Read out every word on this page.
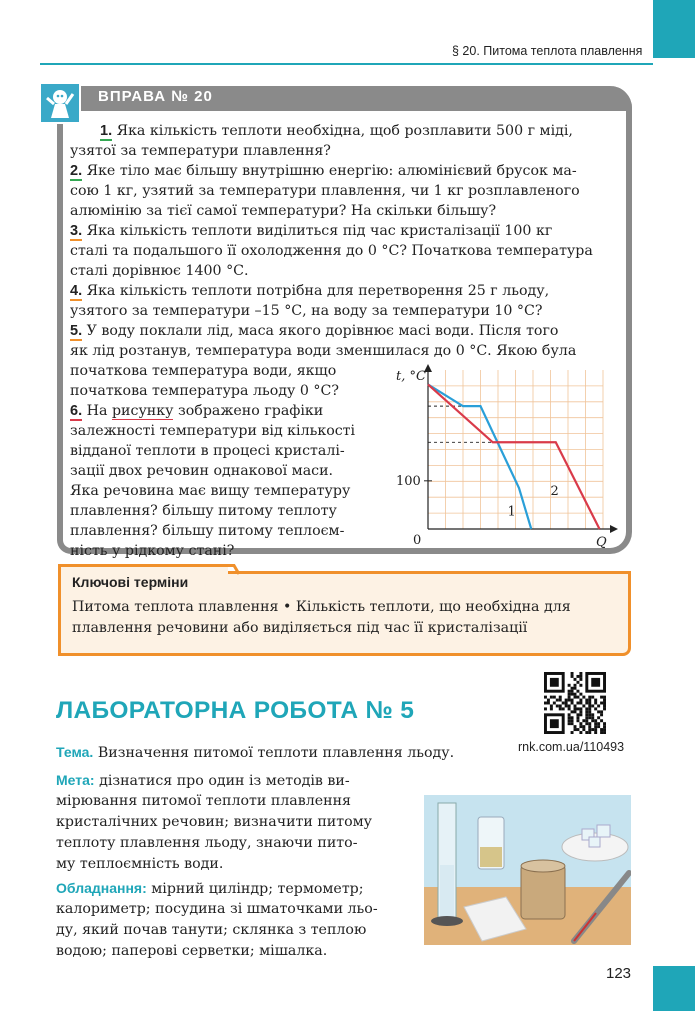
§ 20. Питома теплота плавлення
ВПРАВА № 20
1. Яка кількість теплоти необхідна, щоб розплавити 500 г міді,
узятої за температури плавлення?
2. Яке тіло має більшу внутрішню енергію: алюмінієвий брусок ма-
сою 1 кг, узятий за температури плавлення, чи 1 кг розплавленого
алюмінію за тієї самої температури? На скільки більшу?
3. Яка кількість теплоти виділиться під час кристалізації 100 кг
сталі та подальшого її охолодження до 0 °С? Початкова температура
сталі дорівнює 1400 °С.
4. Яка кількість теплоти потрібна для перетворення 25 г льоду,
узятого за температури –15 °С, на воду за температури 10 °С?
5. У воду поклали лід, маса якого дорівнює масі води. Після того
як лід розтанув, температура води зменшилася до 0 °С. Якою була
початкова температура води, якщо
початкова температура льоду 0 °С?
6. На рисунку зображено графіки
залежності температури від кількості
відданої теплоти в процесі кристалі-
зації двох речовин однакової маси.
Яка речовина має вищу температуру
плавлення? більшу питому теплоту
плавлення? більшу питому теплоєм-
ність у рідкому стані?
t, °C
Q
0
100
1
2
Ключові терміни
Питома теплота плавлення • Кількість теплоти, що необхідна для
плавлення речовини або виділяється під час її кристалізації
ЛАБОРАТОРНА РОБОТА № 5
rnk.com.ua/110493
Тема. Визначення питомої теплоти плавлення льоду.
Мета: дізнатися про один із методів ви-
мірювання питомої теплоти плавлення
кристалічних речовин; визначити питому
теплоту плавлення льоду, знаючи пито-
му теплоємність води.
Обладнання: мірний циліндр; термометр;
калориметр; посудина зі шматочками льо-
ду, який почав танути; склянка з теплою
водою; паперові серветки; мішалка.
123
